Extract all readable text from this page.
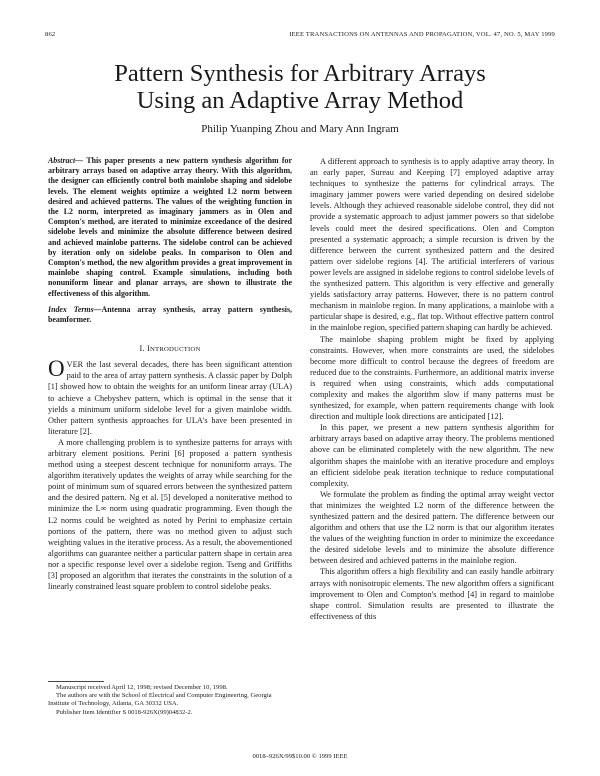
862	IEEE TRANSACTIONS ON ANTENNAS AND PROPAGATION, VOL. 47, NO. 5, MAY 1999
Pattern Synthesis for Arbitrary Arrays
Using an Adaptive Array Method
Philip Yuanping Zhou and Mary Ann Ingram

Abstract— This paper presents a new pattern synthesis algorithm for arbitrary arrays based on adaptive array theory. With this algorithm, the designer can efficiently control both mainlobe shaping and sidelobe levels. The element weights optimize a weighted L2 norm between desired and achieved patterns. The values of the weighting function in the L2 norm, interpreted as imaginary jammers as in Olen and Compton's method, are iterated to minimize exceedance of the desired sidelobe levels and minimize the absolute difference between desired and achieved mainlobe patterns. The sidelobe control can be achieved by iteration only on sidelobe peaks. In comparison to Olen and Compton's method, the new algorithm provides a great improvement in mainlobe shaping control. Example simulations, including both nonuniform linear and planar arrays, are shown to illustrate the effectiveness of this algorithm.

Index Terms—Antenna array synthesis, array pattern synthesis, beamformer.

I. INTRODUCTION

OVER the last several decades, there has been significant attention paid to the area of array pattern synthesis. A classic paper by Dolph [1] showed how to obtain the weights for an uniform linear array (ULA) to achieve a Chebyshev pattern, which is optimal in the sense that it yields a minimum uniform sidelobe level for a given mainlobe width. Other pattern synthesis approaches for ULA's have been presented in literature [2].

A more challenging problem is to synthesize patterns for arrays with arbitrary element positions. Perini [6] proposed a pattern synthesis method using a steepest descent technique for nonuniform arrays. The algorithm iteratively updates the weights of array while searching for the point of minimum sum of squared errors between the synthesized pattern and the desired pattern. Ng et al. [5] developed a noniterative method to minimize the L∞ norm using quadratic programming. Even though the L2 norms could be weighted as noted by Perini to emphasize certain portions of the pattern, there was no method given to adjust such weighting values in the iterative process. As a result, the abovementioned algorithms can guarantee neither a particular pattern shape in certain area nor a specific response level over a sidelobe region. Tseng and Griffiths [3] proposed an algorithm that iterates the constraints in the solution of a linearly constrained least square problem to control sidelobe peaks.

A different approach to synthesis is to apply adaptive array theory. In an early paper, Sureau and Keeping [7] employed adaptive array techniques to synthesize the patterns for cylindrical arrays. The imaginary jammer powers were varied depending on desired sidelobe levels. Although they achieved reasonable sidelobe control, they did not provide a systematic approach to adjust jammer powers so that sidelobe levels could meet the desired specifications. Olen and Compton presented a systematic approach; a simple recursion is driven by the difference between the current synthesized pattern and the desired pattern over sidelobe regions [4]. The artificial interferers of various power levels are assigned in sidelobe regions to control sidelobe levels of the synthesized pattern. This algorithm is very effective and generally yields satisfactory array patterns. However, there is no pattern control mechanism in mainlobe region. In many applications, a mainlobe with a particular shape is desired, e.g., flat top. Without effective pattern control in the mainlobe region, specified pattern shaping can hardly be achieved.

The mainlobe shaping problem might be fixed by applying constraints. However, when more constraints are used, the sidelobes become more difficult to control because the degrees of freedom are reduced due to the constraints. Furthermore, an additional matrix inverse is required when using constraints, which adds computational complexity and makes the algorithm slow if many patterns must be synthesized, for example, when pattern requirements change with look direction and multiple look directions are anticipated [12].

In this paper, we present a new pattern synthesis algorithm for arbitrary arrays based on adaptive array theory. The problems mentioned above can be eliminated completely with the new algorithm. The new algorithm shapes the mainlobe with an iterative procedure and employs an efficient sidelobe peak iteration technique to reduce computational complexity.

We formulate the problem as finding the optimal array weight vector that minimizes the weighted L2 norm of the difference between the synthesized pattern and the desired pattern. The difference between our algorithm and others that use the L2 norm is that our algorithm iterates the values of the weighting function in order to minimize the exceedance the desired sidelobe levels and to minimize the absolute difference between desired and achieved patterns in the mainlobe region.

This algorithm offers a high flexibility and can easily handle arbitrary arrays with nonisotropic elements. The new algorithm offers a significant improvement to Olen and Compton's method [4] in regard to mainlobe shape control. Simulation results are presented to illustrate the effectiveness of this

Manuscript received April 12, 1998; revised December 10, 1998.

The authors are with the School of Electrical and Computer Engineering, Georgia Institute of Technology, Atlanta, GA 30332 USA.

Publisher Item Identifier S 0018-926X(99)04832-2.

0018–926X/99$10.00 © 1999 IEEE
